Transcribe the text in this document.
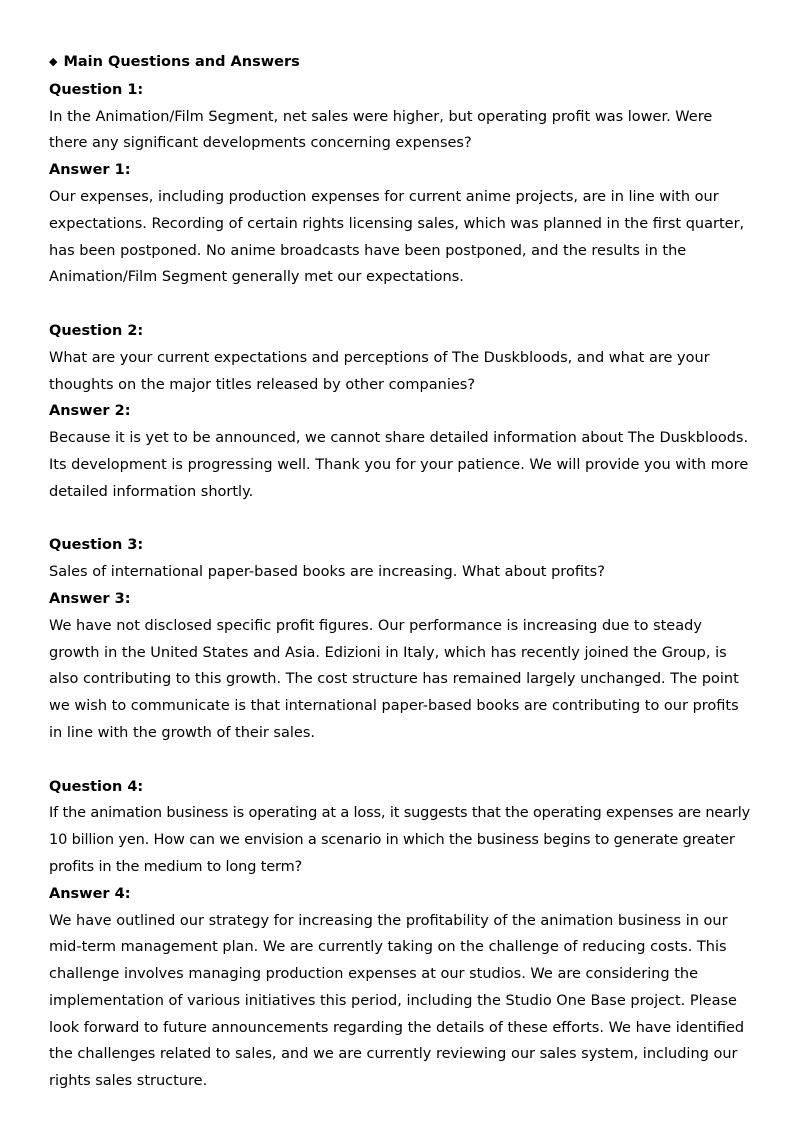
◆ Main Questions and Answers
Question 1:

In the Animation/Film Segment, net sales were higher, but operating profit was lower. Were there any significant developments concerning expenses?

Answer 1:

Our expenses, including production expenses for current anime projects, are in line with our expectations. Recording of certain rights licensing sales, which was planned in the first quarter, has been postponed. No anime broadcasts have been postponed, and the results in the Animation/Film Segment generally met our expectations.

Question 2:

What are your current expectations and perceptions of The Duskbloods, and what are your thoughts on the major titles released by other companies?

Answer 2:

Because it is yet to be announced, we cannot share detailed information about The Duskbloods. Its development is progressing well. Thank you for your patience. We will provide you with more detailed information shortly.

Question 3:

Sales of international paper-based books are increasing. What about profits?

Answer 3:

We have not disclosed specific profit figures. Our performance is increasing due to steady growth in the United States and Asia. Edizioni in Italy, which has recently joined the Group, is also contributing to this growth. The cost structure has remained largely unchanged. The point we wish to communicate is that international paper-based books are contributing to our profits in line with the growth of their sales.

Question 4:

If the animation business is operating at a loss, it suggests that the operating expenses are nearly 10 billion yen. How can we envision a scenario in which the business begins to generate greater profits in the medium to long term?

Answer 4:

We have outlined our strategy for increasing the profitability of the animation business in our mid-term management plan. We are currently taking on the challenge of reducing costs. This challenge involves managing production expenses at our studios. We are considering the implementation of various initiatives this period, including the Studio One Base project. Please look forward to future announcements regarding the details of these efforts. We have identified the challenges related to sales, and we are currently reviewing our sales system, including our rights sales structure.
